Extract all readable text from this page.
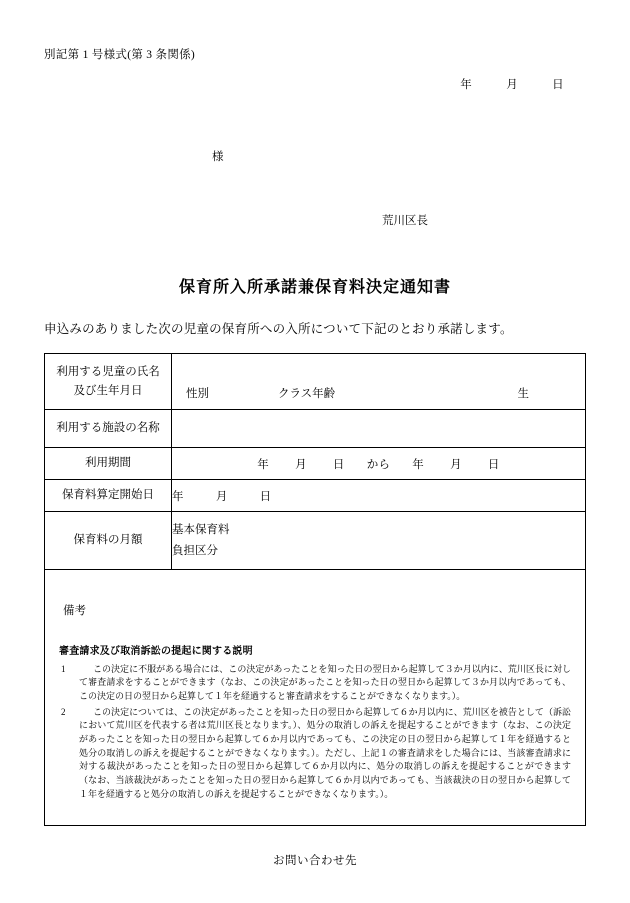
別記第 1 号様式(第 3 条関係)
年	月	日
様
荒川区長
保育所入所承諾兼保育料決定通知書
申込みのありました次の児童の保育所への入所について下記のとおり承諾します。
利用する児童の氏名
及び生年月日	性別	クラス年齢	生

利用する施設の名称	
利用期間	年 月 日 から 年 月 日
保育料算定開始日	年 月 日
保育料の月額	基本保育料
負担区分

備考
審査請求及び取消訴訟の提起に関する説明
1	この決定に不服がある場合には、この決定があったことを知った日の翌日から起算して３か月以内に、荒川区長に対して審査請求をすることができます（なお、この決定があったことを知った日の翌日から起算して３か月以内であっても、この決定の日の翌日から起算して１年を経過すると審査請求をすることができなくなります。）。
2	この決定については、この決定があったことを知った日の翌日から起算して６か月以内に、荒川区を被告として（訴訟において荒川区を代表する者は荒川区長となります。）、処分の取消しの訴えを提起することができます（なお、この決定があったことを知った日の翌日から起算して６か月以内であっても、この決定の日の翌日から起算して１年を経過すると処分の取消しの訴えを提起することができなくなります。）。ただし、上記１の審査請求をした場合には、当該審査請求に対する裁決があったことを知った日の翌日から起算して６か月以内に、処分の取消しの訴えを提起することができます（なお、当該裁決があったことを知った日の翌日から起算して６か月以内であっても、当該裁決の日の翌日から起算して１年を経過すると処分の取消しの訴えを提起することができなくなります。）。
お問い合わせ先
